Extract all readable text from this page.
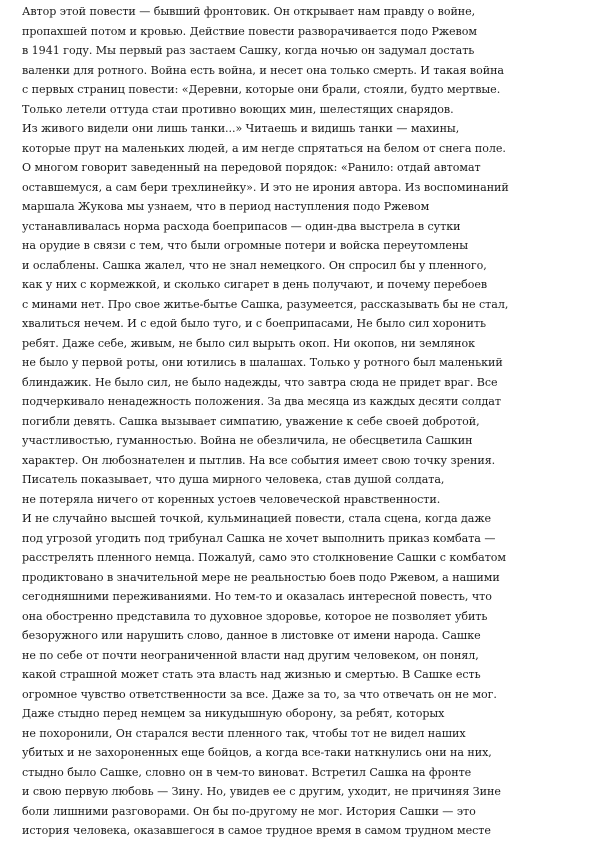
Автор этой повести — бывший фронтовик. Он открывает нам правду о войне,
пропахшей потом и кровью. Действие повести разворачивается подо Ржевом
в 1941 году. Мы первый раз застаем Сашку, когда ночью он задумал достать
валенки для ротного. Война есть война, и несет она только смерть. И такая война
с первых страниц повести: «Деревни, которые они брали, стояли, будто мертвые.
Только летели оттуда стаи противно воющих мин, шелестящих снарядов.
Из живого видели они лишь танки...» Читаешь и видишь танки — махины,
которые прут на маленьких людей, а им негде спрятаться на белом от снега поле.
О многом говорит заведенный на передовой порядок: «Ранило: отдай автомат
оставшемуся, а сам бери трехлинейку». И это не ирония автора. Из воспоминаний
маршала Жукова мы узнаем, что в период наступления подо Ржевом
устанавливалась норма расхода боеприпасов — один-два выстрела в сутки
на орудие в связи с тем, что были огромные потери и войска переутомлены
и ослаблены. Сашка жалел, что не знал немецкого. Он спросил бы у пленного,
как у них с кормежкой, и сколько сигарет в день получают, и почему перебоев
с минами нет. Про свое житье-бытье Сашка, разумеется, рассказывать бы не стал,
хвалиться нечем. И с едой было туго, и с боеприпасами, Не было сил хоронить
ребят. Даже себе, живым, не было сил вырыть окоп. Ни окопов, ни землянок
не было у первой роты, они ютились в шалашах. Только у ротного был маленький
блиндажик. Не было сил, не было надежды, что завтра сюда не придет враг. Все
подчеркивало ненадежность положения. За два месяца из каждых десяти солдат
погибли девять. Сашка вызывает симпатию, уважение к себе своей добротой,
участливостью, гуманностью. Война не обезличила, не обесцветила Сашкин
характер. Он любознателен и пытлив. На все события имеет свою точку зрения.
Писатель показывает, что душа мирного человека, став душой солдата,
не потеряла ничего от коренных устоев человеческой нравственности.
И не случайно высшей точкой, кульминацией повести, стала сцена, когда даже
под угрозой угодить под трибунал Сашка не хочет выполнить приказ комбата —
расстрелять пленного немца. Пожалуй, само это столкновение Сашки с комбатом
продиктовано в значительной мере не реальностью боев подо Ржевом, а нашими
сегодняшними переживаниями. Но тем-то и оказалась интересной повесть, что
она обостренно представила то духовное здоровье, которое не позволяет убить
безоружного или нарушить слово, данное в листовке от имени народа. Сашке
не по себе от почти неограниченной власти над другим человеком, он понял,
какой страшной может стать эта власть над жизнью и смертью. В Сашке есть
огромное чувство ответственности за все. Даже за то, за что отвечать он не мог.
Даже стыдно перед немцем за никудышную оборону, за ребят, которых
не похоронили, Он старался вести пленного так, чтобы тот не видел наших
убитых и не захороненных еще бойцов, а когда все-таки наткнулись они на них,
стыдно было Сашке, словно он в чем-то виноват. Встретил Сашка на фронте
и свою первую любовь — Зину. Но, увидев ее с другим, уходит, не причиняя Зине
боли лишними разговорами. Он бы по-другому не мог. История Сашки — это
история человека, оказавшегося в самое трудное время в самом трудном месте
